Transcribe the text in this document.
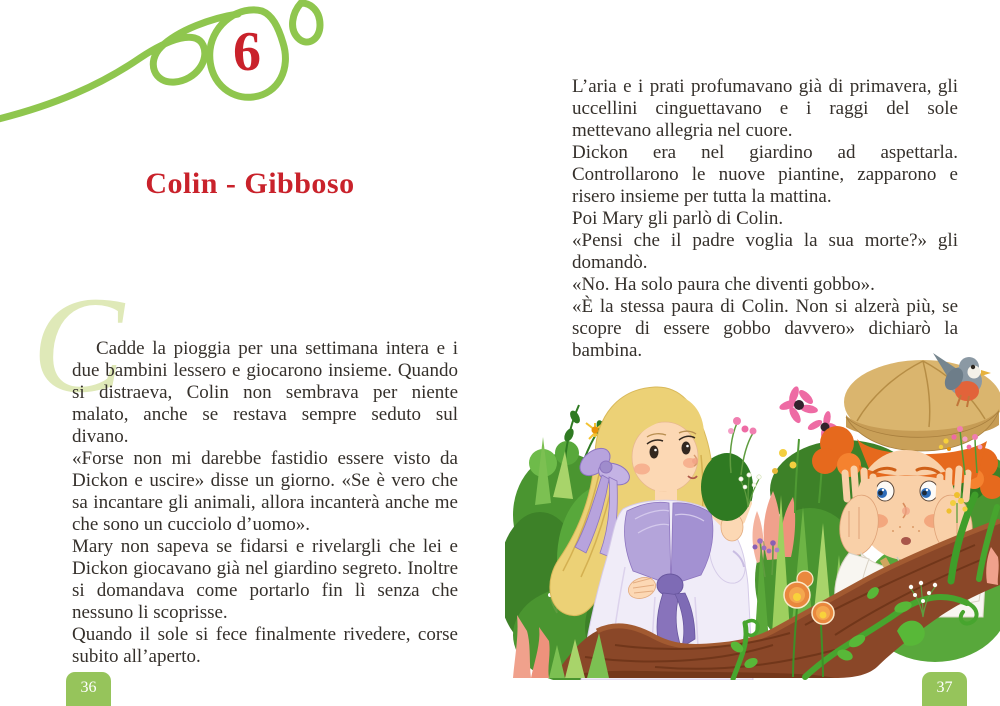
6
Colin - Gibboso
C

Cadde la pioggia per una settimana intera e i due bambini lessero e giocarono insieme. Quando si distraeva, Colin non sembrava per niente malato, anche se restava sempre seduto sul divano.

«Forse non mi darebbe fastidio essere visto da Dickon e uscire» disse un giorno. «Se è vero che sa incantare gli animali, allora incanterà anche me che sono un cucciolo d’uomo».

Mary non sapeva se fidarsi e rivelargli che lei e Dickon giocavano già nel giardino segreto. Inoltre si domandava come portarlo fin lì senza che nessuno li scoprisse.

Quando il sole si fece finalmente rivedere, corse subito all’aperto.

L’aria e i prati profumavano già di primavera, gli uccellini cinguettavano e i raggi del sole mettevano allegria nel cuore.

Dickon era nel giardino ad aspettarla. Controllarono le nuove piantine, zapparono e risero insieme per tutta la mattina.

Poi Mary gli parlò di Colin.

«Pensi che il padre voglia la sua morte?» gli domandò.

«No. Ha solo paura che diventi gobbo».

«È la stessa paura di Colin. Non si alzerà più, se scopre di essere gobbo davvero» dichiarò la bambina.

36	37
